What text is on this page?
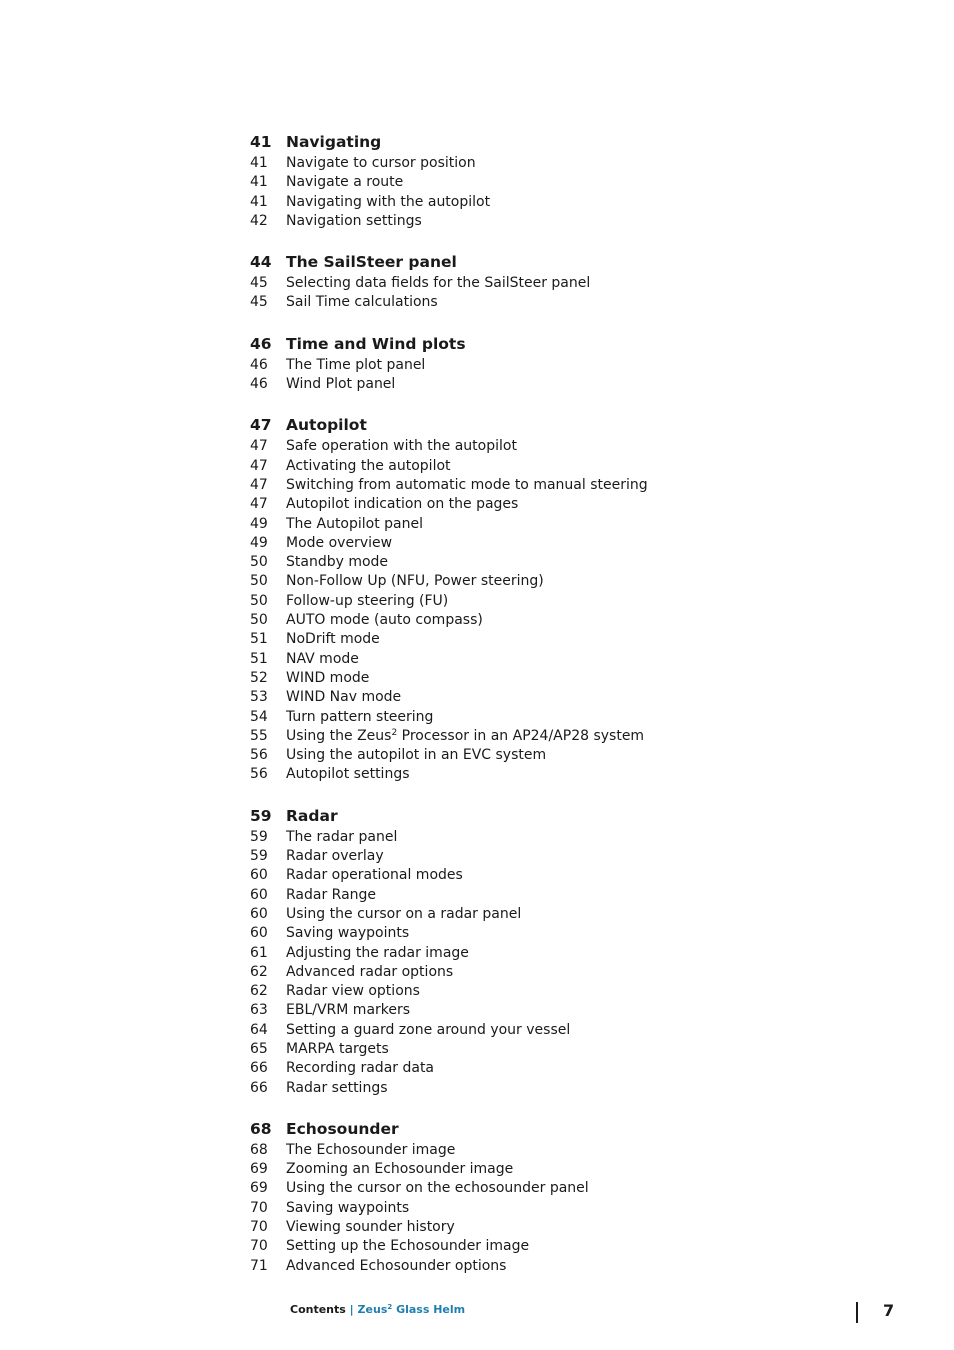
41 Navigating
41	Navigate to cursor position
41	Navigate a route
41	Navigating with the autopilot
42	Navigation settings
44 The SailSteer panel
45	Selecting data fields for the SailSteer panel
45	Sail Time calculations
46 Time and Wind plots
46	The Time plot panel
46	Wind Plot panel
47 Autopilot
47	Safe operation with the autopilot
47	Activating the autopilot
47	Switching from automatic mode to manual steering
47	Autopilot indication on the pages
49	The Autopilot panel
49	Mode overview
50	Standby mode
50	Non-Follow Up (NFU, Power steering)
50	Follow-up steering (FU)
50	AUTO mode (auto compass)
51	NoDrift mode
51	NAV mode
52	WIND mode
53	WIND Nav mode
54	Turn pattern steering
55	Using the Zeus$^2$ Processor in an AP24/AP28 system
56	Using the autopilot in an EVC system
56	Autopilot settings
59 Radar
59	The radar panel
59	Radar overlay
60	Radar operational modes
60	Radar Range
60	Using the cursor on a radar panel
60	Saving waypoints
61	Adjusting the radar image
62	Advanced radar options
62	Radar view options
63	EBL/VRM markers
64	Setting a guard zone around your vessel
65	MARPA targets
66	Recording radar data
66	Radar settings
68 Echosounder
68	The Echosounder image
69	Zooming an Echosounder image
69	Using the cursor on the echosounder panel
70	Saving waypoints
70	Viewing sounder history
70	Setting up the Echosounder image
71	Advanced Echosounder options
Contents | Zeus$^2$ Glass Helm	7
